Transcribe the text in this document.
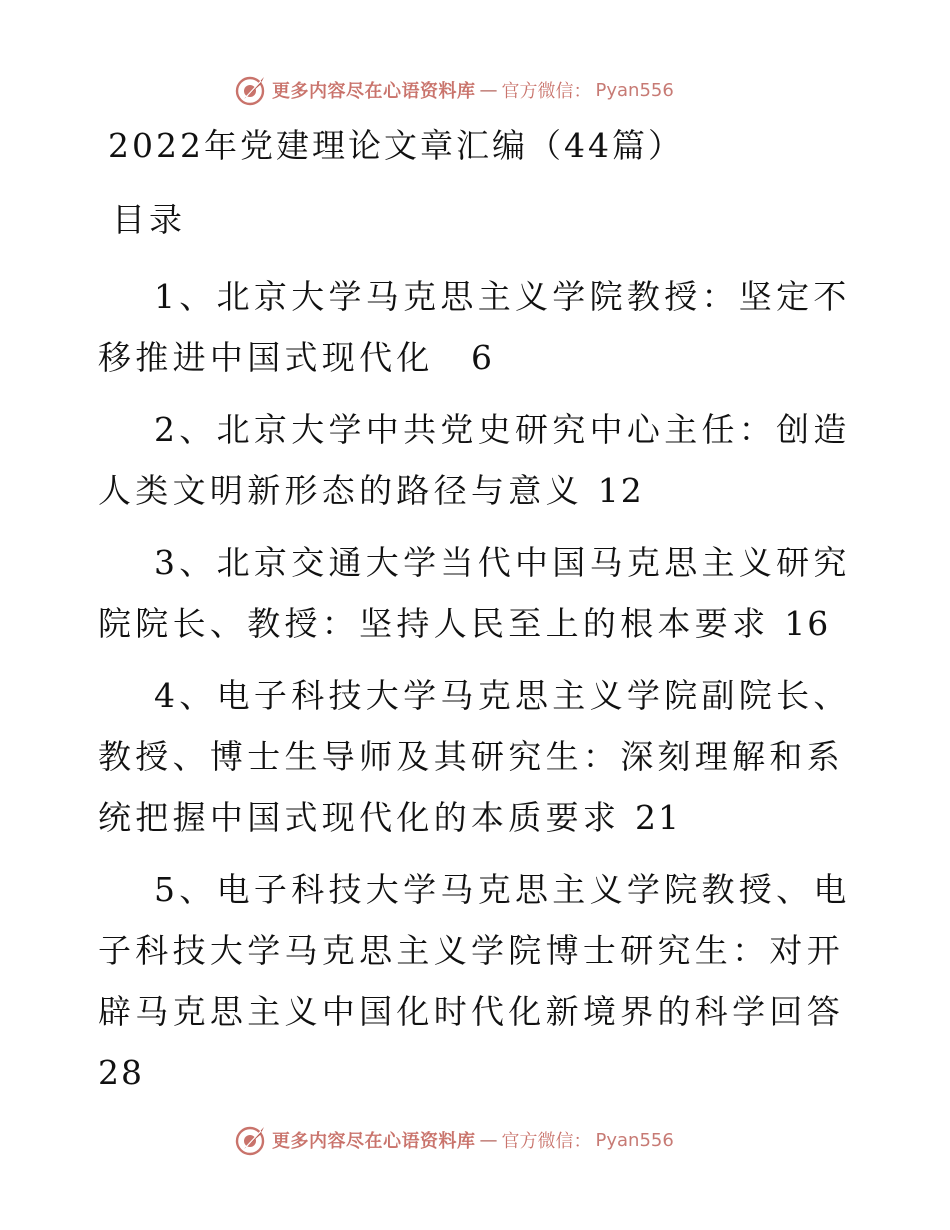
更多内容尽在心语资料库 — 官方微信： Pyan556
2022年党建理论文章汇编（44篇）
目录
1、北京大学马克思主义学院教授：坚定不移推进中国式现代化　 6
2、北京大学中共党史研究中心主任：创造人类文明新形态的路径与意义 12
3、北京交通大学当代中国马克思主义研究院院长、教授：坚持人民至上的根本要求 16
4、电子科技大学马克思主义学院副院长、教授、博士生导师及其研究生：深刻理解和系统把握中国式现代化的本质要求 21
5、电子科技大学马克思主义学院教授、电子科技大学马克思主义学院博士研究生：对开辟马克思主义中国化时代化新境界的科学回答 28
更多内容尽在心语资料库 — 官方微信： Pyan556
